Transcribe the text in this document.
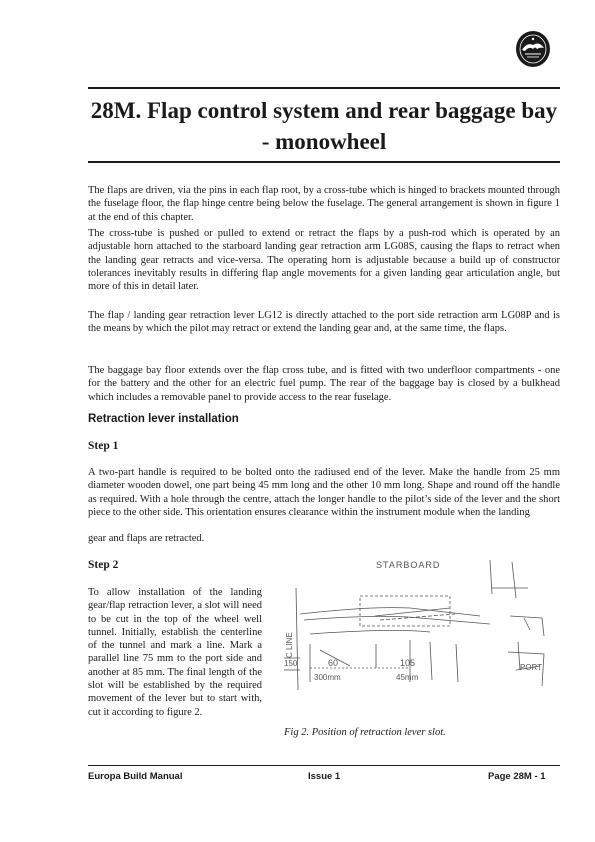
28M. Flap control system and rear baggage bay - monowheel

The flaps are driven, via the pins in each flap root, by a cross-tube which is hinged to brackets mounted through the fuselage floor, the flap hinge centre being below the fuselage. The general arrangement is shown in figure 1 at the end of this chapter.

The cross-tube is pushed or pulled to extend or retract the flaps by a push-rod which is operated by an adjustable horn attached to the starboard landing gear retraction arm LG08S, causing the flaps to retract when the landing gear retracts and vice-versa. The operating horn is adjustable because a build up of constructor tolerances inevitably results in differing flap angle movements for a given landing gear articulation angle, but more of this in detail later.

The flap / landing gear retraction lever LG12 is directly attached to the port side retraction arm LG08P and is the means by which the pilot may retract or extend the landing gear and, at the same time, the flaps.

The baggage bay floor extends over the flap cross tube, and is fitted with two underfloor compartments - one for the battery and the other for an electric fuel pump. The rear of the baggage bay is closed by a bulkhead which includes a removable panel to provide access to the rear fuselage.

Retraction lever installation
Step 1

A two-part handle is required to be bolted onto the radiused end of the lever. Make the handle from 25 mm diameter wooden dowel, one part being 45 mm long and the other 10 mm long. Shape and round off the handle as required. With a hole through the centre, attach the longer handle to the pilot’s side of the lever and the short piece to the other side. This orientation ensures clearance within the instrument module when the landing

gear and flaps are retracted.

Step 2

To allow installation of the landing gear/flap retraction lever, a slot will need to be cut in the top of the wheel well tunnel. Initially, establish the centerline of the tunnel and mark a line. Mark a parallel line 75 mm to the port side and another at 85 mm. The final length of the slot will be established by the required movement of the lever but to start with, cut it according to figure 2.

STARBOARD
C LINE
150	60	105
300mm	45mm
PORT
Fig 2. Position of retraction lever slot.
Europa Build Manual	Issue 1	Page 28M - 1
